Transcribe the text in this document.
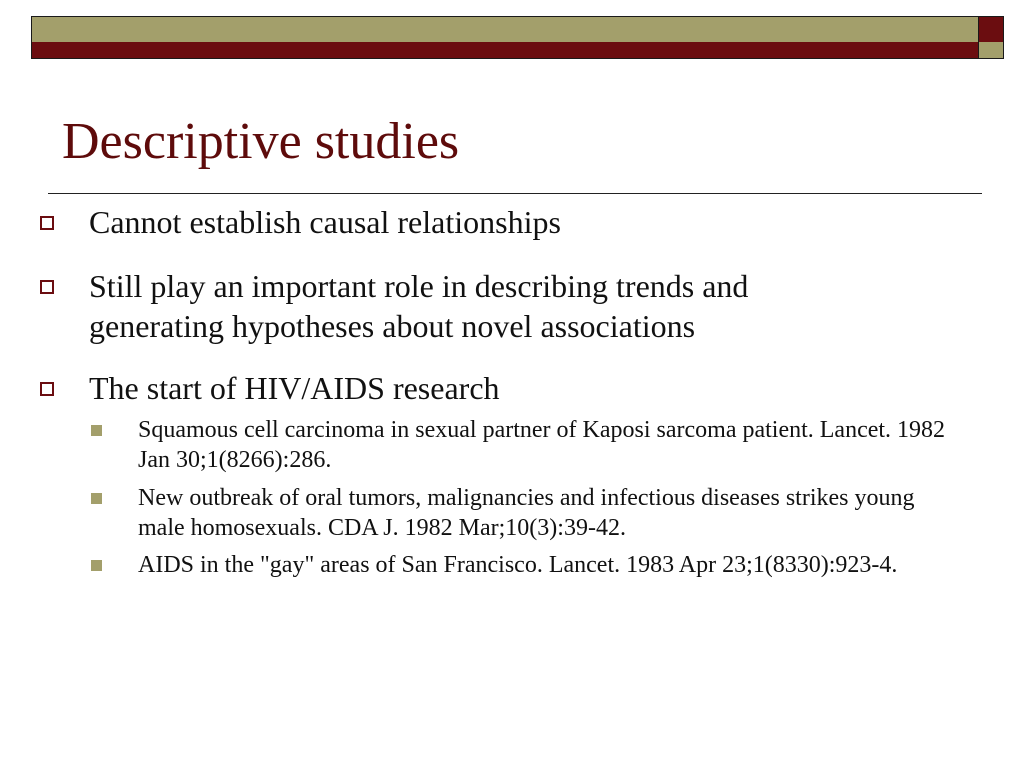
Descriptive studies
Cannot establish causal relationships
Still play an important role in describing trends and generating hypotheses about novel associations
The start of HIV/AIDS research
Squamous cell carcinoma in sexual partner of Kaposi sarcoma patient. Lancet. 1982 Jan 30;1(8266):286.
New outbreak of oral tumors, malignancies and infectious diseases strikes young male homosexuals. CDA J. 1982 Mar;10(3):39-42.
AIDS in the "gay" areas of San Francisco. Lancet. 1983 Apr 23;1(8330):923-4.
